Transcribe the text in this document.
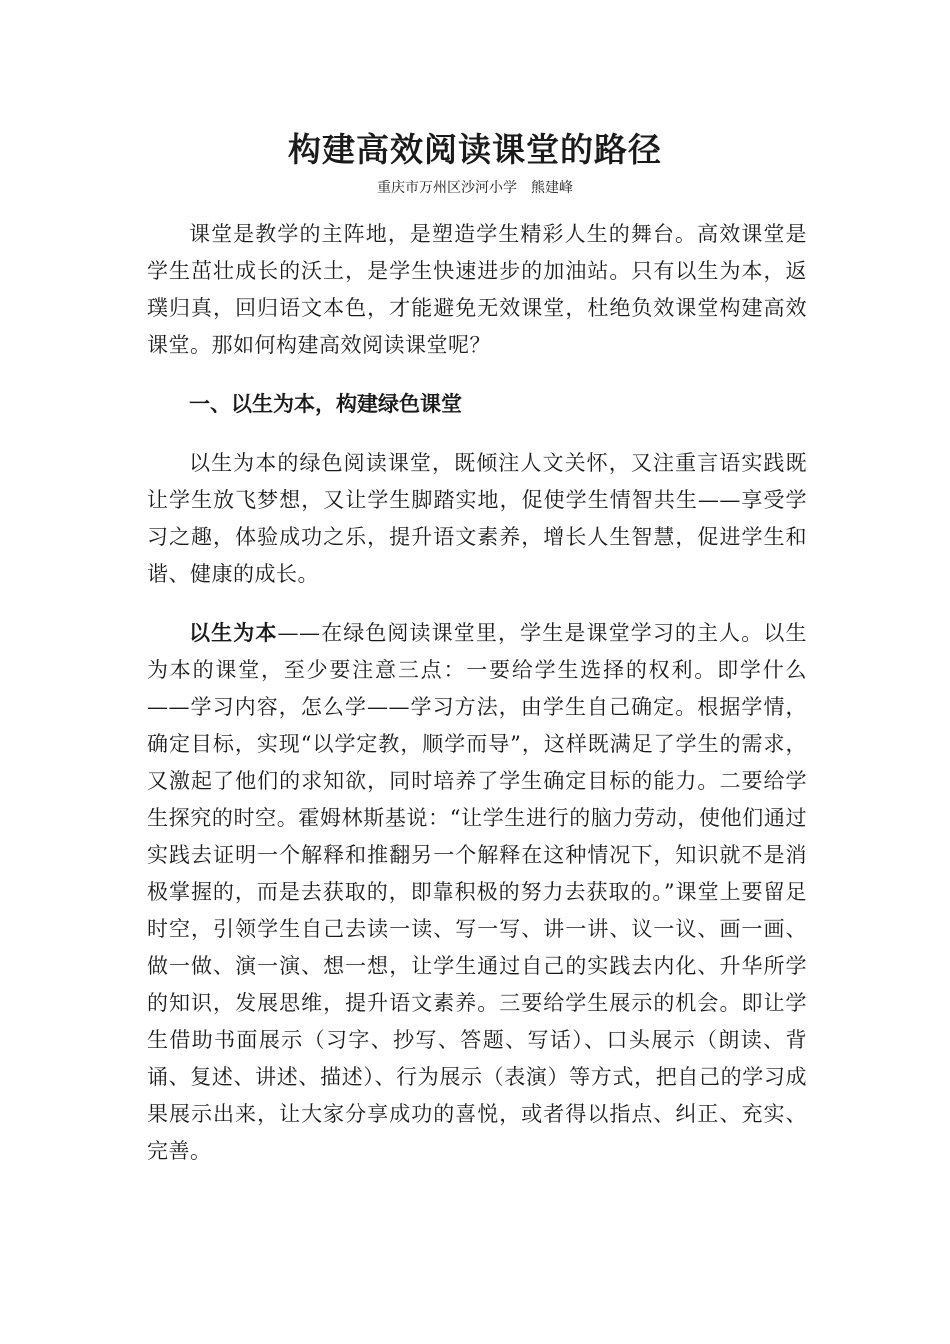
构建高效阅读课堂的路径
重庆市万州区沙河小学　熊建峰

课堂是教学的主阵地，是塑造学生精彩人生的舞台。高效课堂是学生茁壮成长的沃土，是学生快速进步的加油站。只有以生为本，返璞归真，回归语文本色，才能避免无效课堂，杜绝负效课堂构建高效课堂。那如何构建高效阅读课堂呢？

一、以生为本，构建绿色课堂

以生为本的绿色阅读课堂，既倾注人文关怀，又注重言语实践既让学生放飞梦想，又让学生脚踏实地，促使学生情智共生——享受学习之趣，体验成功之乐，提升语文素养，增长人生智慧，促进学生和谐、健康的成长。

以生为本——在绿色阅读课堂里，学生是课堂学习的主人。以生为本的课堂，至少要注意三点：一要给学生选择的权利。即学什么——学习内容，怎么学——学习方法，由学生自己确定。根据学情，确定目标，实现“以学定教，顺学而导”，这样既满足了学生的需求，又激起了他们的求知欲，同时培养了学生确定目标的能力。二要给学生探究的时空。霍姆林斯基说：“让学生进行的脑力劳动，使他们通过实践去证明一个解释和推翻另一个解释在这种情况下，知识就不是消极掌握的，而是去获取的，即靠积极的努力去获取的。”课堂上要留足时空，引领学生自己去读一读、写一写、讲一讲、议一议、画一画、做一做、演一演、想一想，让学生通过自己的实践去内化、升华所学的知识，发展思维，提升语文素养。三要给学生展示的机会。即让学生借助书面展示（习字、抄写、答题、写话）、口头展示（朗读、背诵、复述、讲述、描述）、行为展示（表演）等方式，把自己的学习成果展示出来，让大家分享成功的喜悦，或者得以指点、纠正、充实、完善。
